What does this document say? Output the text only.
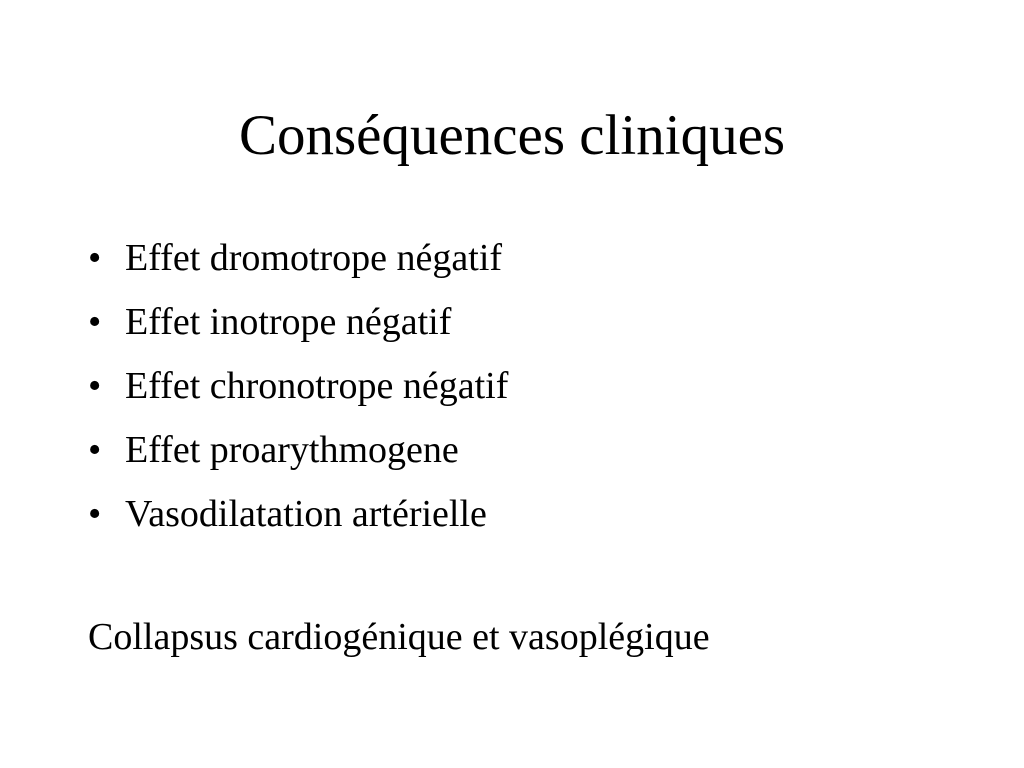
Conséquences cliniques
• Effet dromotrope négatif
• Effet inotrope négatif
• Effet chronotrope négatif
• Effet proarythmogene
• Vasodilatation artérielle
Collapsus cardiogénique et vasoplégique
